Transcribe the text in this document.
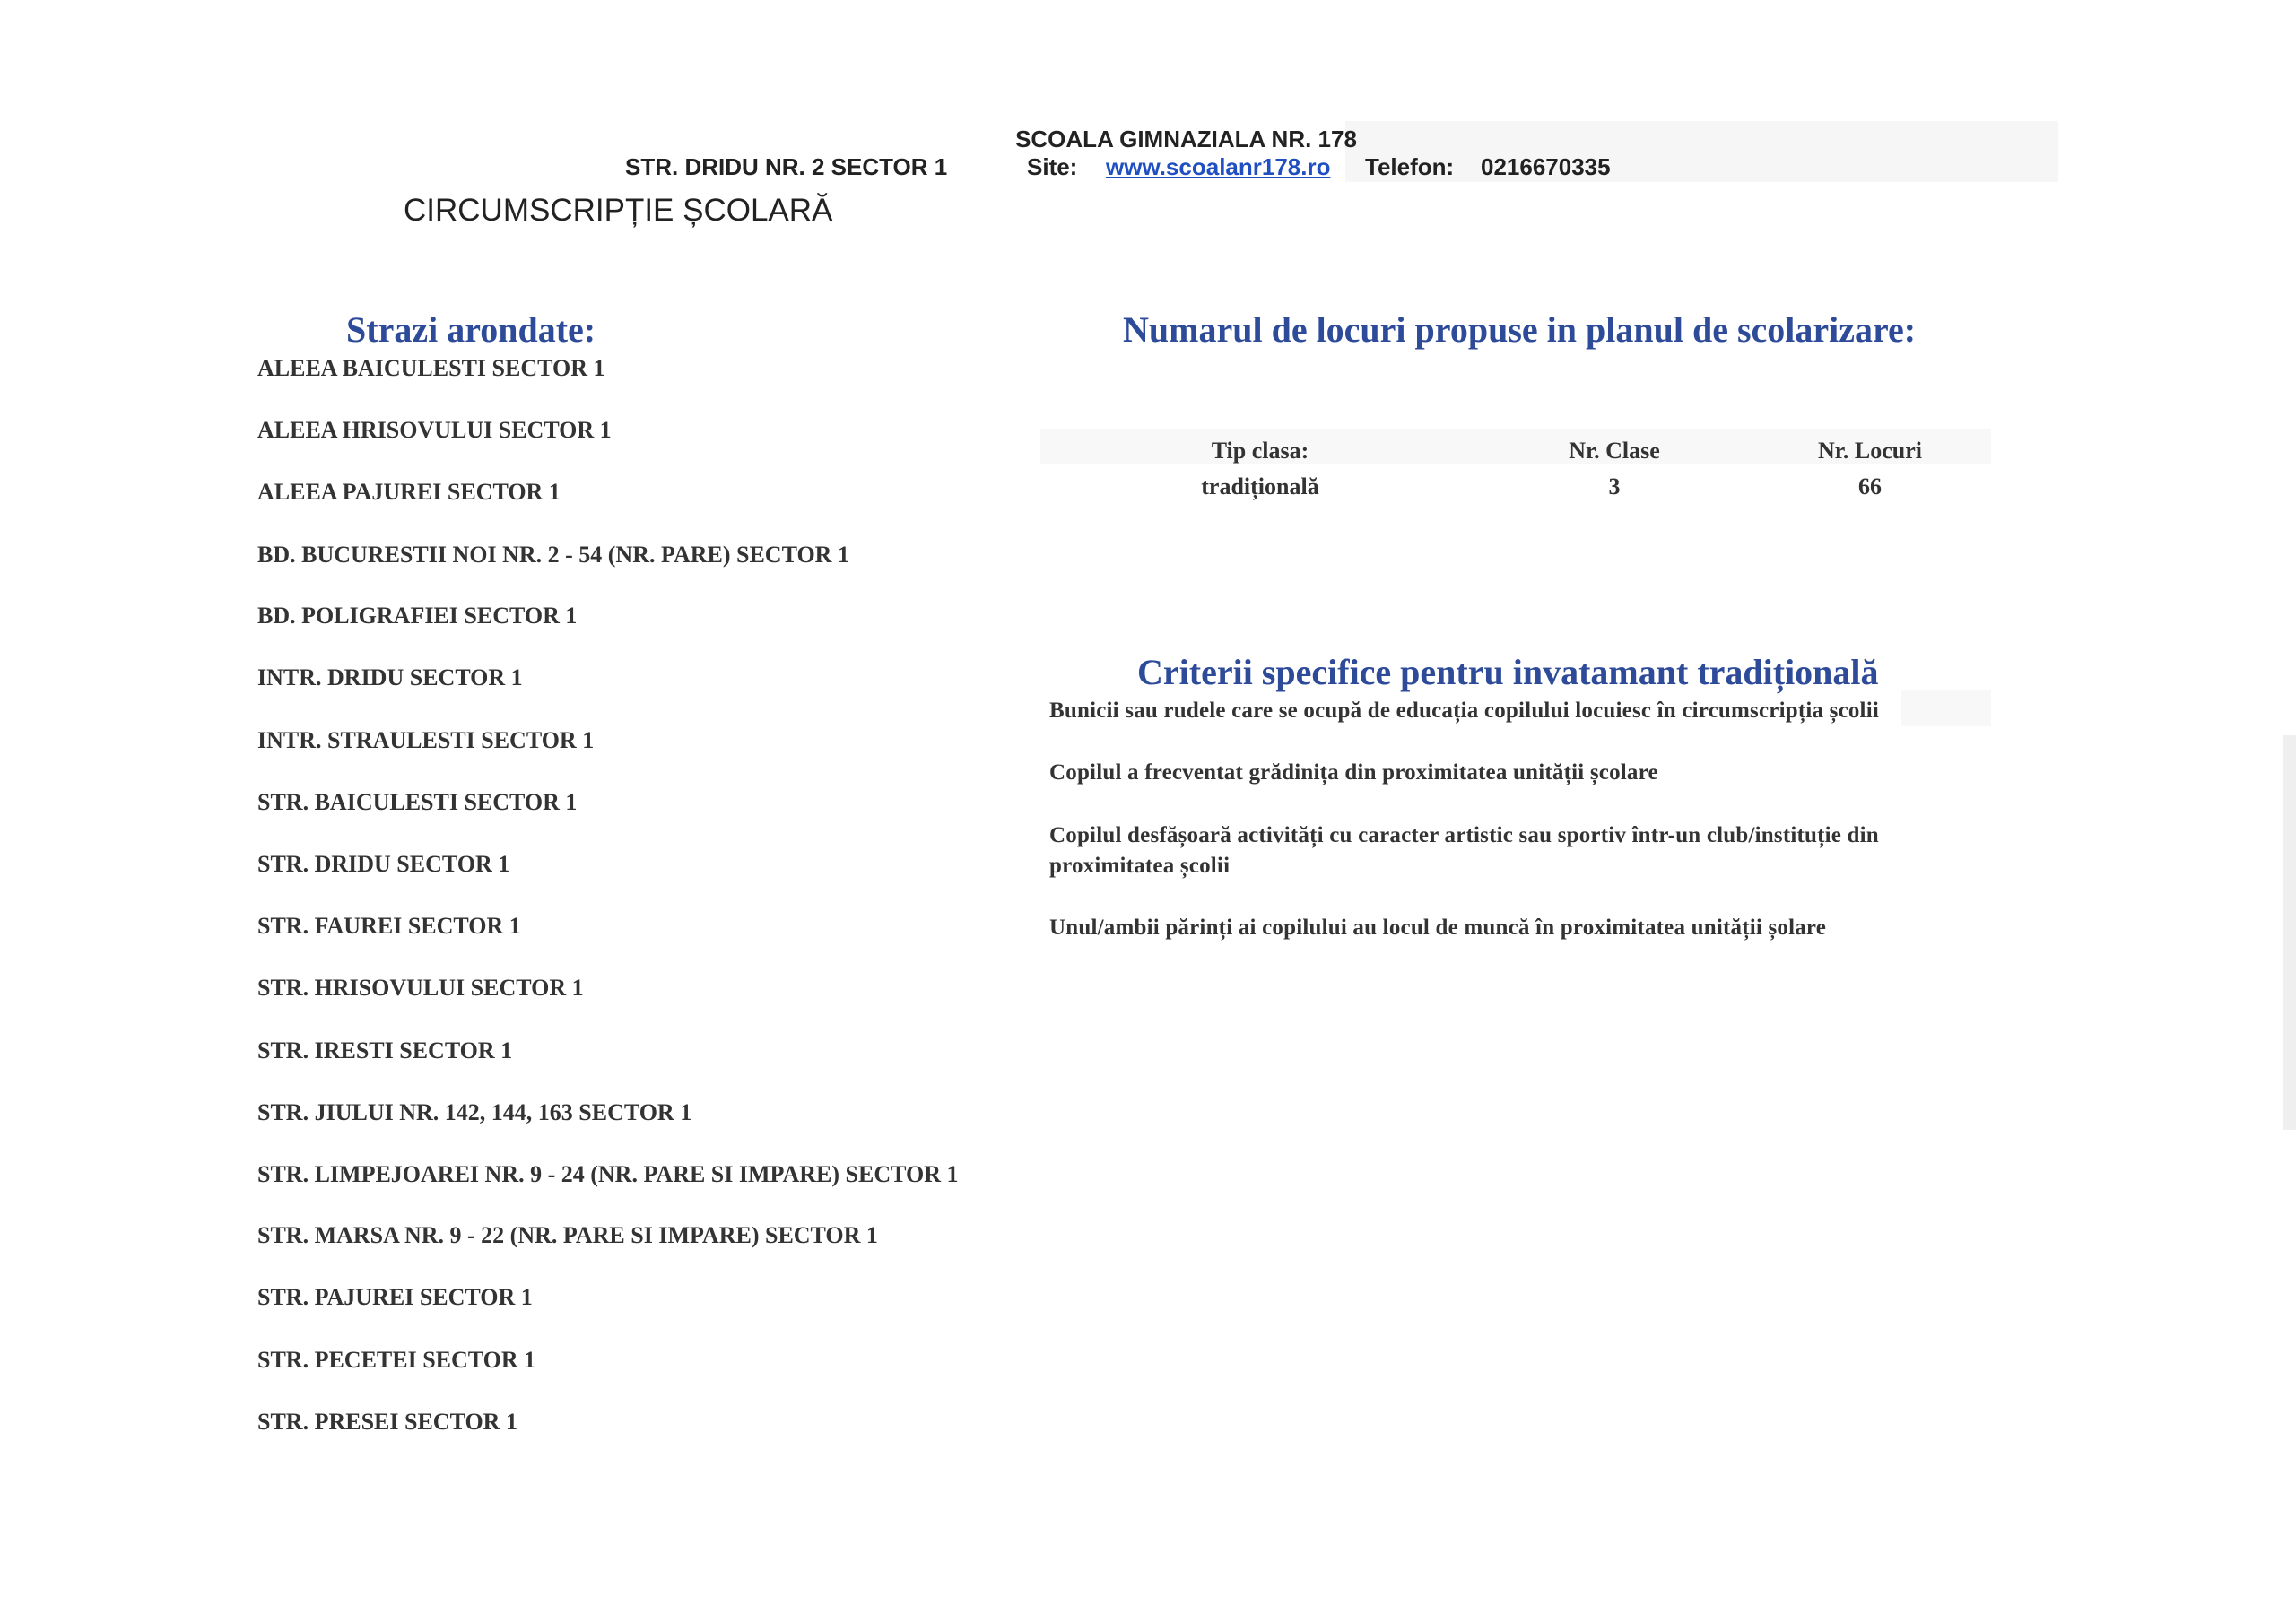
SCOALA GIMNAZIALA NR. 178
STR. DRIDU NR. 2 SECTOR 1	Site: www.scoalanr178.ro Telefon: 0216670335
CIRCUMSCRIPȚIE ȘCOLARĂ
Strazi arondate:
ALEEA BAICULESTI SECTOR 1
ALEEA HRISOVULUI SECTOR 1
ALEEA PAJUREI SECTOR 1
BD. BUCURESTII NOI NR. 2 - 54 (NR. PARE) SECTOR 1
BD. POLIGRAFIEI SECTOR 1
INTR. DRIDU SECTOR 1
INTR. STRAULESTI SECTOR 1
STR. BAICULESTI SECTOR 1
STR. DRIDU SECTOR 1
STR. FAUREI SECTOR 1
STR. HRISOVULUI SECTOR 1
STR. IRESTI SECTOR 1
STR. JIULUI NR. 142, 144, 163 SECTOR 1
STR. LIMPEJOAREI NR. 9 - 24 (NR. PARE SI IMPARE) SECTOR 1
STR. MARSA NR. 9 - 22 (NR. PARE SI IMPARE) SECTOR 1
STR. PAJUREI SECTOR 1
STR. PECETEI SECTOR 1
STR. PRESEI SECTOR 1
Numarul de locuri propuse in planul de scolarizare:
Tip clasa:	Nr. Clase	Nr. Locuri
tradițională	3	66
Criterii specifice pentru invatamant tradițională
Bunicii sau rudele care se ocupă de educația copilului locuiesc în circumscripția școlii
Copilul a frecventat grădinița din proximitatea unității școlare
Copilul desfășoară activități cu caracter artistic sau sportiv într-un club/instituție din proximitatea școlii
Unul/ambii părinți ai copilului au locul de muncă în proximitatea unității șolare
